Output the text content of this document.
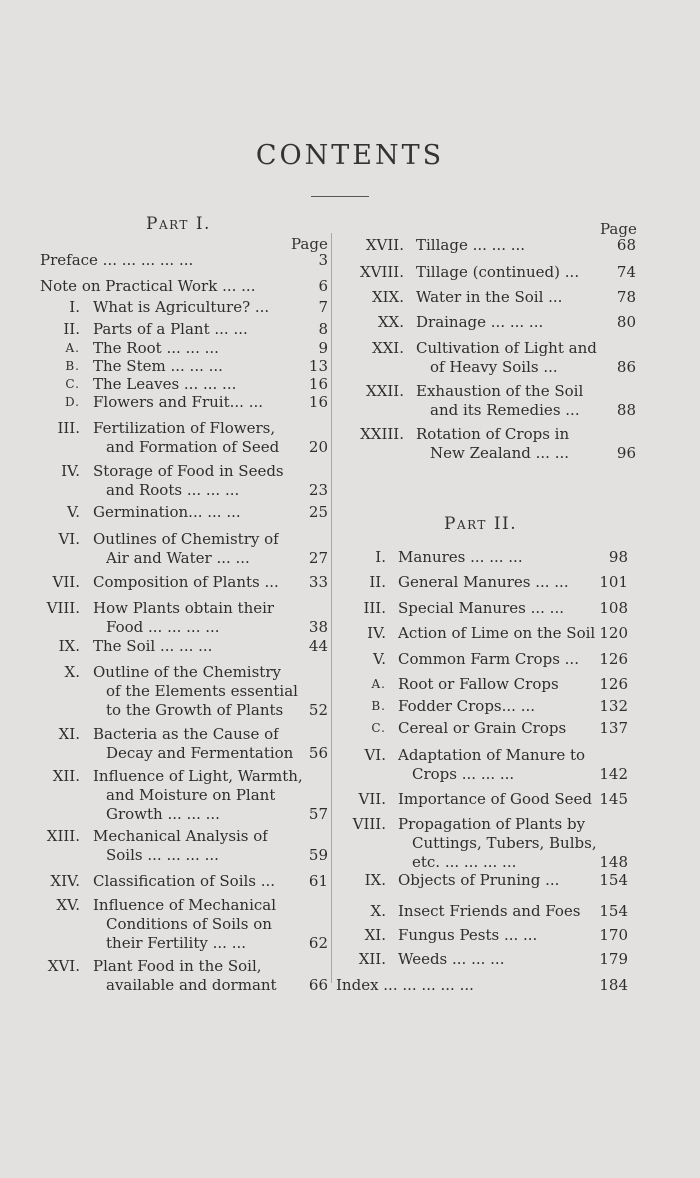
CONTENTS
Part I.
Page
Page
Part II.
Preface ... ... ... ... ...	3
Note on Practical Work ... ...	6
I. What is Agriculture? ...	7
II. Parts of a Plant ... ...	8
A. The Root ... ... ...	9
B. The Stem ... ... ...	13
C. The Leaves ... ... ...	16
D. Flowers and Fruit... ...	16
III. Fertilization of Flowers,
and Formation of Seed	20
IV. Storage of Food in Seeds
and Roots ... ... ...	23
V. Germination... ... ...	25
VI. Outlines of Chemistry of
Air and Water ... ...	27
VII. Composition of Plants ...	33
VIII. How Plants obtain their
Food ... ... ... ...	38
IX. The Soil ... ... ...	44
X. Outline of the Chemistry
of the Elements essential
to the Growth of Plants	52
XI. Bacteria as the Cause of
Decay and Fermentation	56
XII. Influence of Light, Warmth,
and Moisture on Plant
Growth ... ... ...	57
XIII. Mechanical Analysis of
Soils ... ... ... ...	59
XIV. Classification of Soils ...	61
XV. Influence of Mechanical
Conditions of Soils on
their Fertility ... ...	62
XVI. Plant Food in the Soil,
available and dormant	66
XVII. Tillage ... ... ...	68
XVIII. Tillage (continued) ...	74
XIX. Water in the Soil ...	78
XX. Drainage ... ... ...	80
XXI. Cultivation of Light and
of Heavy Soils ...	86
XXII. Exhaustion of the Soil
and its Remedies ...	88
XXIII. Rotation of Crops in
New Zealand ... ...	96
I. Manures ... ... ...	98
II. General Manures ... ...	101
III. Special Manures ... ...	108
IV. Action of Lime on the Soil 120
V. Common Farm Crops ...	126
A. Root or Fallow Crops	126
B. Fodder Crops... ...	132
C. Cereal or Grain Crops	137
VI. Adaptation of Manure to
Crops ... ... ...	142
VII. Importance of Good Seed 145
VIII. Propagation of Plants by
Cuttings, Tubers, Bulbs,
etc. ... ... ... ...	148
IX. Objects of Pruning ...	154
X. Insect Friends and Foes	154
XI. Fungus Pests ... ...	170
XII. Weeds ... ... ...	179
Index ... ... ... ... ...	184
